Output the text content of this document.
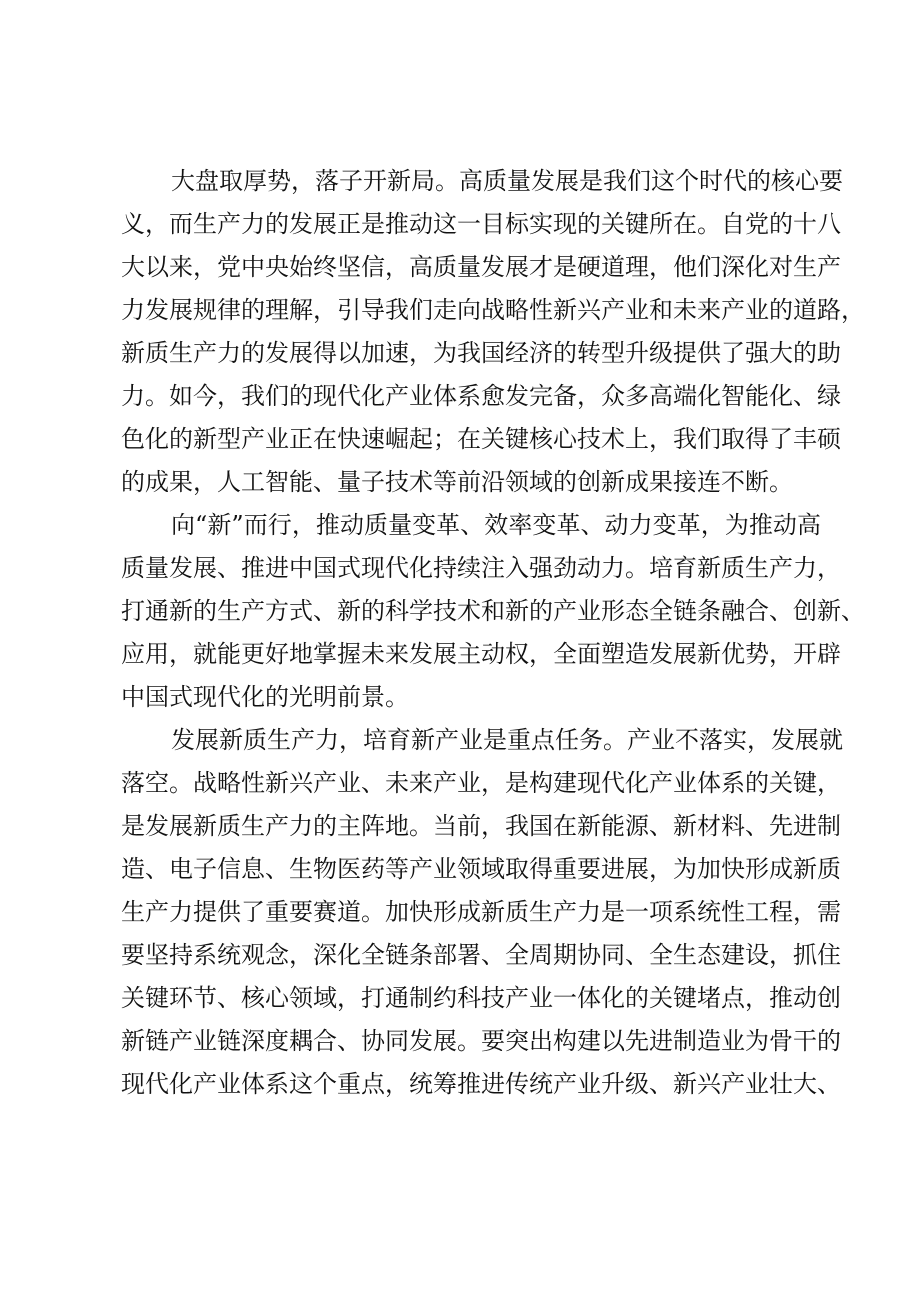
大盘取厚势，落子开新局。高质量发展是我们这个时代的核心要
义，而生产力的发展正是推动这一目标实现的关键所在。自党的十八
大以来，党中央始终坚信，高质量发展才是硬道理，他们深化对生产
力发展规律的理解，引导我们走向战略性新兴产业和未来产业的道路，
新质生产力的发展得以加速，为我国经济的转型升级提供了强大的助
力。如今，我们的现代化产业体系愈发完备，众多高端化智能化、绿
色化的新型产业正在快速崛起；在关键核心技术上，我们取得了丰硕
的成果，人工智能、量子技术等前沿领域的创新成果接连不断。
向“新”而行，推动质量变革、效率变革、动力变革，为推动高
质量发展、推进中国式现代化持续注入强劲动力。培育新质生产力，
打通新的生产方式、新的科学技术和新的产业形态全链条融合、创新、
应用，就能更好地掌握未来发展主动权，全面塑造发展新优势，开辟
中国式现代化的光明前景。
发展新质生产力，培育新产业是重点任务。产业不落实，发展就
落空。战略性新兴产业、未来产业，是构建现代化产业体系的关键，
是发展新质生产力的主阵地。当前，我国在新能源、新材料、先进制
造、电子信息、生物医药等产业领域取得重要进展，为加快形成新质
生产力提供了重要赛道。加快形成新质生产力是一项系统性工程，需
要坚持系统观念，深化全链条部署、全周期协同、全生态建设，抓住
关键环节、核心领域，打通制约科技产业一体化的关键堵点，推动创
新链产业链深度耦合、协同发展。要突出构建以先进制造业为骨干的
现代化产业体系这个重点，统筹推进传统产业升级、新兴产业壮大、
